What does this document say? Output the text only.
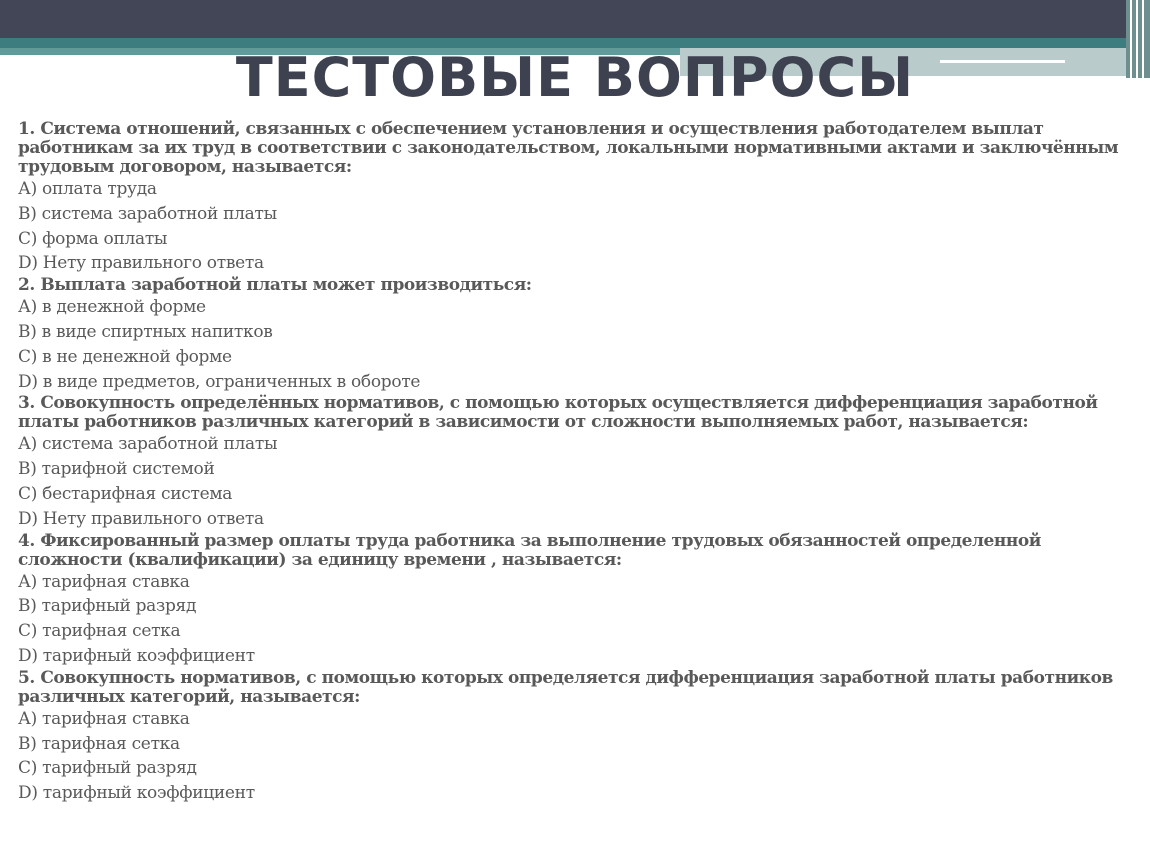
ТЕСТОВЫЕ ВОПРОСЫ

1. Система отношений, связанных с обеспечением установления и осуществления работодателем выплат работникам за их труд в соответствии с законодательством, локальными нормативными актами и заключённым трудовым договором, называется:

А) оплата труда

В) система заработной платы

С) форма оплаты

D) Нету правильного ответа

2. Выплата заработной платы может производиться:

А) в денежной форме

В) в виде спиртных напитков

С) в не денежной форме

D) в виде предметов, ограниченных в обороте

3. Совокупность определённых нормативов, с помощью которых осуществляется дифференциация заработной платы работников различных категорий в зависимости от сложности выполняемых работ, называется:

А) система заработной платы

В) тарифной системой

С) бестарифная система

D) Нету правильного ответа

4. Фиксированный размер оплаты труда работника за выполнение трудовых обязанностей определенной сложности (квалификации) за единицу времени , называется:

А) тарифная ставка

В) тарифный разряд

С) тарифная сетка

D) тарифный коэффициент

5. Совокупность нормативов, с помощью которых определяется дифференциация заработной платы работников различных категорий, называется:

А) тарифная ставка

В) тарифная сетка

С) тарифный разряд

D) тарифный коэффициент
